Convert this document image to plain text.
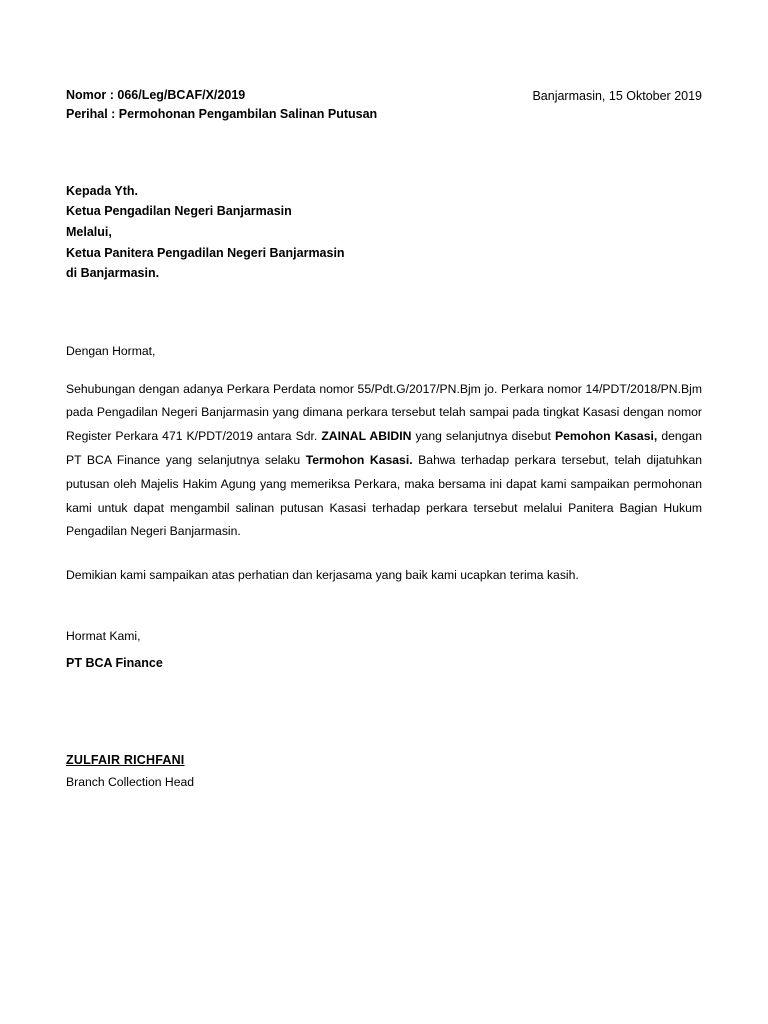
Nomor : 066/Leg/BCAF/X/2019
Perihal : Permohonan Pengambilan Salinan Putusan
Banjarmasin, 15 Oktober 2019
Kepada Yth.
Ketua Pengadilan Negeri Banjarmasin
Melalui,
Ketua Panitera Pengadilan Negeri Banjarmasin
di Banjarmasin.
Dengan Hormat,
Sehubungan dengan adanya Perkara Perdata nomor 55/Pdt.G/2017/PN.Bjm jo. Perkara nomor 14/PDT/2018/PN.Bjm pada Pengadilan Negeri Banjarmasin yang dimana perkara tersebut telah sampai pada tingkat Kasasi dengan nomor Register Perkara 471 K/PDT/2019 antara Sdr. ZAINAL ABIDIN yang selanjutnya disebut Pemohon Kasasi, dengan PT BCA Finance yang selanjutnya selaku Termohon Kasasi. Bahwa terhadap perkara tersebut, telah dijatuhkan putusan oleh Majelis Hakim Agung yang memeriksa Perkara, maka bersama ini dapat kami sampaikan permohonan kami untuk dapat mengambil salinan putusan Kasasi terhadap perkara tersebut melalui Panitera Bagian Hukum Pengadilan Negeri Banjarmasin.
Demikian kami sampaikan atas perhatian dan kerjasama yang baik kami ucapkan terima kasih.
Hormat Kami,
PT BCA Finance
ZULFAIR RICHFANI
Branch Collection Head
